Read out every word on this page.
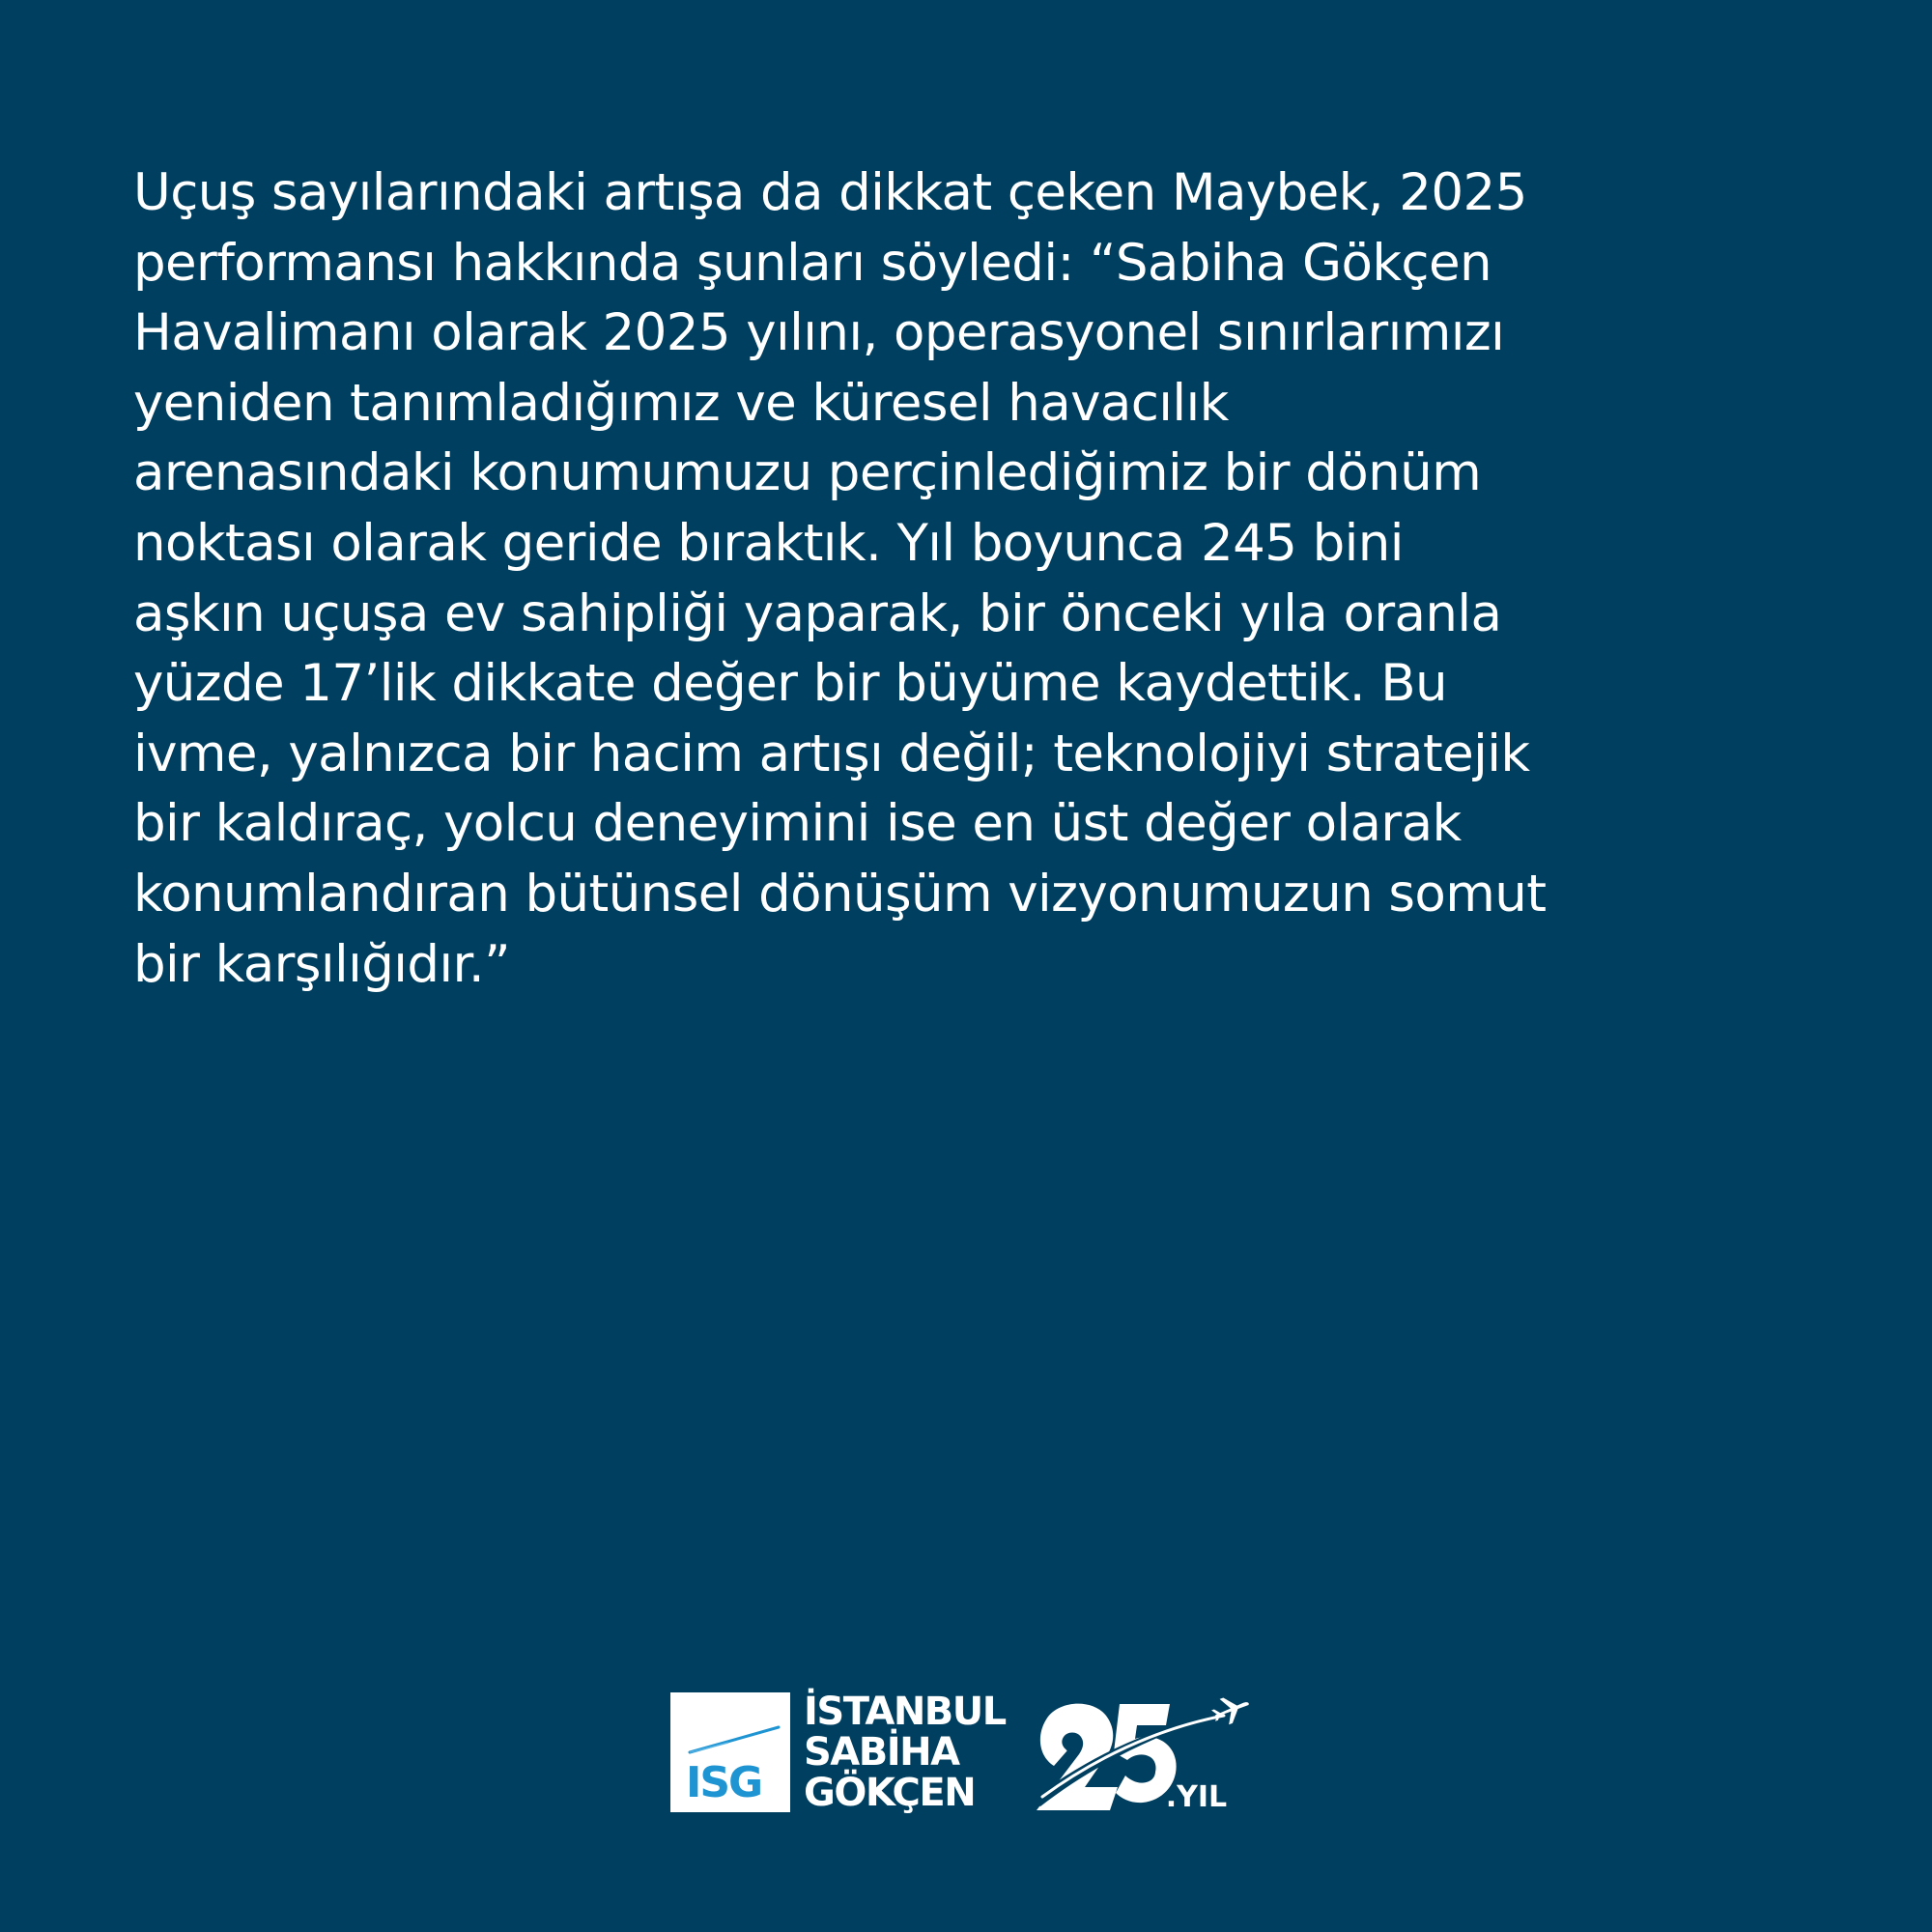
Uçuş sayılarındaki artışa da dikkat çeken Maybek, 2025
performansı hakkında şunları söyledi: “Sabiha Gökçen
Havalimanı olarak 2025 yılını, operasyonel sınırlarımızı
yeniden tanımladığımız ve küresel havacılık
arenasındaki konumumuzu perçinlediğimiz bir dönüm
noktası olarak geride bıraktık. Yıl boyunca 245 bini
aşkın uçuşa ev sahipliği yaparak, bir önceki yıla oranla
yüzde 17’lik dikkate değer bir büyüme kaydettik. Bu
ivme, yalnızca bir hacim artışı değil; teknolojiyi stratejik
bir kaldıraç, yolcu deneyimini ise en üst değer olarak
konumlandıran bütünsel dönüşüm vizyonumuzun somut
bir karşılığıdır.”
ISG
İSTANBUL
SABİHA
GÖKÇEN	.YIL
